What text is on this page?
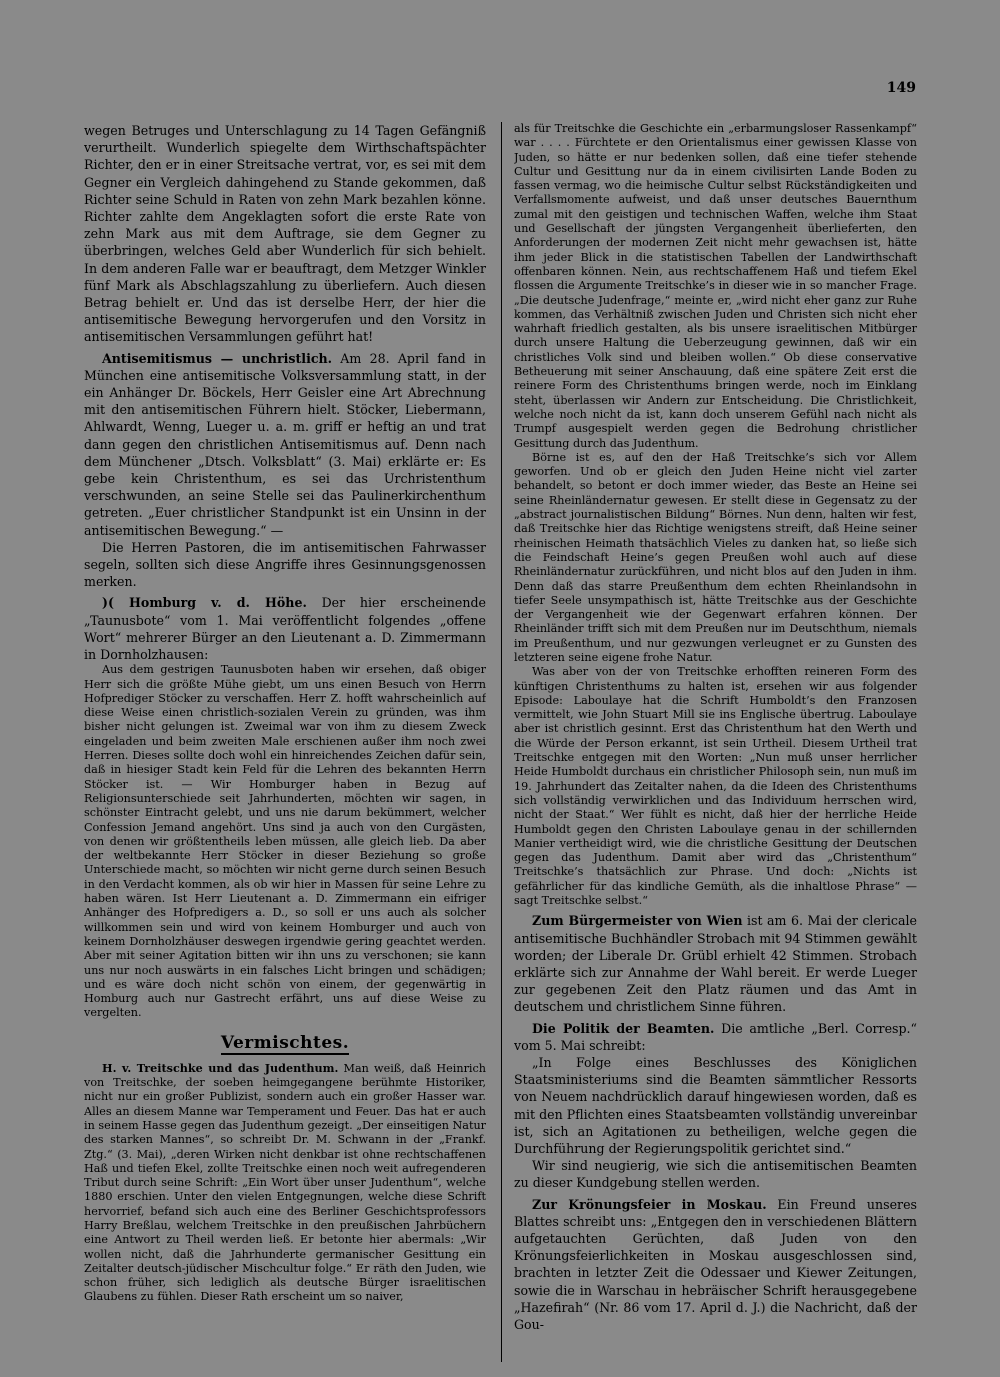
149

wegen Betruges und Unterschlagung zu 14 Tagen Gefängniß verurtheilt. Wunderlich spiegelte dem Wirthschaftspächter Richter, den er in einer Streitsache vertrat, vor, es sei mit dem Gegner ein Vergleich dahingehend zu Stande gekommen, daß Richter seine Schuld in Raten von zehn Mark bezahlen könne. Richter zahlte dem Angeklagten sofort die erste Rate von zehn Mark aus mit dem Auftrage, sie dem Gegner zu überbringen, welches Geld aber Wunderlich für sich behielt. In dem anderen Falle war er beauftragt, dem Metzger Winkler fünf Mark als Abschlagszahlung zu überliefern. Auch diesen Betrag behielt er. Und das ist derselbe Herr, der hier die antisemitische Bewegung hervorgerufen und den Vorsitz in antisemitischen Versammlungen geführt hat!

Antisemitismus — unchristlich. Am 28. April fand in München eine antisemitische Volksversammlung statt, in der ein Anhänger Dr. Böckels, Herr Geisler eine Art Abrechnung mit den antisemitischen Führern hielt. Stöcker, Liebermann, Ahlwardt, Wenng, Lueger u. a. m. griff er heftig an und trat dann gegen den christlichen Antisemitismus auf. Denn nach dem Münchener „Dtsch. Volksblatt“ (3. Mai) erklärte er: Es gebe kein Christenthum, es sei das Urchristenthum verschwunden, an seine Stelle sei das Paulinerkirchenthum getreten. „Euer christlicher Standpunkt ist ein Unsinn in der antisemitischen Bewegung.“ —

Die Herren Pastoren, die im antisemitischen Fahrwasser segeln, sollten sich diese Angriffe ihres Gesinnungsgenossen merken.

)( Homburg v. d. Höhe. Der hier erscheinende „Taunusbote“ vom 1. Mai veröffentlicht folgendes „offene Wort“ mehrerer Bürger an den Lieutenant a. D. Zimmermann in Dornholzhausen:

Aus dem gestrigen Taunusboten haben wir ersehen, daß obiger Herr sich die größte Mühe giebt, um uns einen Besuch von Herrn Hofprediger Stöcker zu verschaffen. Herr Z. hofft wahrscheinlich auf diese Weise einen christlich-sozialen Verein zu gründen, was ihm bisher nicht gelungen ist. Zweimal war von ihm zu diesem Zweck eingeladen und beim zweiten Male erschienen außer ihm noch zwei Herren. Dieses sollte doch wohl ein hinreichendes Zeichen dafür sein, daß in hiesiger Stadt kein Feld für die Lehren des bekannten Herrn Stöcker ist. — Wir Homburger haben in Bezug auf Religionsunterschiede seit Jahrhunderten, möchten wir sagen, in schönster Eintracht gelebt, und uns nie darum bekümmert, welcher Confession Jemand angehört. Uns sind ja auch von den Curgästen, von denen wir größtentheils leben müssen, alle gleich lieb. Da aber der weltbekannte Herr Stöcker in dieser Beziehung so große Unterschiede macht, so möchten wir nicht gerne durch seinen Besuch in den Verdacht kommen, als ob wir hier in Massen für seine Lehre zu haben wären. Ist Herr Lieutenant a. D. Zimmermann ein eifriger Anhänger des Hofpredigers a. D., so soll er uns auch als solcher willkommen sein und wird von keinem Homburger und auch von keinem Dornholzhäuser deswegen irgendwie gering geachtet werden. Aber mit seiner Agitation bitten wir ihn uns zu verschonen; sie kann uns nur noch auswärts in ein falsches Licht bringen und schädigen; und es wäre doch nicht schön von einem, der gegenwärtig in Homburg auch nur Gastrecht erfährt, uns auf diese Weise zu vergelten.

Vermischtes.

H. v. Treitschke und das Judenthum. Man weiß, daß Heinrich von Treitschke, der soeben heimgegangene berühmte Historiker, nicht nur ein großer Publizist, sondern auch ein großer Hasser war. Alles an diesem Manne war Temperament und Feuer. Das hat er auch in seinem Hasse gegen das Judenthum gezeigt. „Der einseitigen Natur des starken Mannes“, so schreibt Dr. M. Schwann in der „Frankf. Ztg.“ (3. Mai), „deren Wirken nicht denkbar ist ohne rechtschaffenen Haß und tiefen Ekel, zollte Treitschke einen noch weit aufregenderen Tribut durch seine Schrift: „Ein Wort über unser Judenthum“, welche 1880 erschien. Unter den vielen Entgegnungen, welche diese Schrift hervorrief, befand sich auch eine des Berliner Geschichtsprofessors Harry Breßlau, welchem Treitschke in den preußischen Jahrbüchern eine Antwort zu Theil werden ließ. Er betonte hier abermals: „Wir wollen nicht, daß die Jahrhunderte germanischer Gesittung ein Zeitalter deutsch-jüdischer Mischcultur folge.“ Er räth den Juden, wie schon früher, sich lediglich als deutsche Bürger israelitischen Glaubens zu fühlen. Dieser Rath erscheint um so naiver,

als für Treitschke die Geschichte ein „erbarmungsloser Rassenkampf“ war . . . . Fürchtete er den Orientalismus einer gewissen Klasse von Juden, so hätte er nur bedenken sollen, daß eine tiefer stehende Cultur und Gesittung nur da in einem civilisirten Lande Boden zu fassen vermag, wo die heimische Cultur selbst Rückständigkeiten und Verfallsmomente aufweist, und daß unser deutsches Bauernthum zumal mit den geistigen und technischen Waffen, welche ihm Staat und Gesellschaft der jüngsten Vergangenheit überlieferten, den Anforderungen der modernen Zeit nicht mehr gewachsen ist, hätte ihm jeder Blick in die statistischen Tabellen der Landwirthschaft offenbaren können. Nein, aus rechtschaffenem Haß und tiefem Ekel flossen die Argumente Treitschke’s in dieser wie in so mancher Frage. „Die deutsche Judenfrage,“ meinte er, „wird nicht eher ganz zur Ruhe kommen, das Verhältniß zwischen Juden und Christen sich nicht eher wahrhaft friedlich gestalten, als bis unsere israelitischen Mitbürger durch unsere Haltung die Ueberzeugung gewinnen, daß wir ein christliches Volk sind und bleiben wollen.“ Ob diese conservative Betheuerung mit seiner Anschauung, daß eine spätere Zeit erst die reinere Form des Christenthums bringen werde, noch im Einklang steht, überlassen wir Andern zur Entscheidung. Die Christlichkeit, welche noch nicht da ist, kann doch unserem Gefühl nach nicht als Trumpf ausgespielt werden gegen die Bedrohung christlicher Gesittung durch das Judenthum.

Börne ist es, auf den der Haß Treitschke’s sich vor Allem geworfen. Und ob er gleich den Juden Heine nicht viel zarter behandelt, so betont er doch immer wieder, das Beste an Heine sei seine Rheinländernatur gewesen. Er stellt diese in Gegensatz zu der „abstract journalistischen Bildung“ Börnes. Nun denn, halten wir fest, daß Treitschke hier das Richtige wenigstens streift, daß Heine seiner rheinischen Heimath thatsächlich Vieles zu danken hat, so ließe sich die Feindschaft Heine’s gegen Preußen wohl auch auf diese Rheinländernatur zurückführen, und nicht blos auf den Juden in ihm. Denn daß das starre Preußenthum dem echten Rheinlandsohn in tiefer Seele unsympathisch ist, hätte Treitschke aus der Geschichte der Vergangenheit wie der Gegenwart erfahren können. Der Rheinländer trifft sich mit dem Preußen nur im Deutschthum, niemals im Preußenthum, und nur gezwungen verleugnet er zu Gunsten des letzteren seine eigene frohe Natur.

Was aber von der von Treitschke erhofften reineren Form des künftigen Christenthums zu halten ist, ersehen wir aus folgender Episode: Laboulaye hat die Schrift Humboldt’s den Franzosen vermittelt, wie John Stuart Mill sie ins Englische übertrug. Laboulaye aber ist christlich gesinnt. Erst das Christenthum hat den Werth und die Würde der Person erkannt, ist sein Urtheil. Diesem Urtheil trat Treitschke entgegen mit den Worten: „Nun muß unser herrlicher Heide Humboldt durchaus ein christlicher Philosoph sein, nun muß im 19. Jahrhundert das Zeitalter nahen, da die Ideen des Christenthums sich vollständig verwirklichen und das Individuum herrschen wird, nicht der Staat.“ Wer fühlt es nicht, daß hier der herrliche Heide Humboldt gegen den Christen Laboulaye genau in der schillernden Manier vertheidigt wird, wie die christliche Gesittung der Deutschen gegen das Judenthum. Damit aber wird das „Christenthum“ Treitschke’s thatsächlich zur Phrase. Und doch: „Nichts ist gefährlicher für das kindliche Gemüth, als die inhaltlose Phrase“ — sagt Treitschke selbst.“

Zum Bürgermeister von Wien ist am 6. Mai der clericale antisemitische Buchhändler Strobach mit 94 Stimmen gewählt worden; der Liberale Dr. Grübl erhielt 42 Stimmen. Strobach erklärte sich zur Annahme der Wahl bereit. Er werde Lueger zur gegebenen Zeit den Platz räumen und das Amt in deutschem und christlichem Sinne führen.

Die Politik der Beamten. Die amtliche „Berl. Corresp.“ vom 5. Mai schreibt:

„In Folge eines Beschlusses des Königlichen Staatsministeriums sind die Beamten sämmtlicher Ressorts von Neuem nachdrücklich darauf hingewiesen worden, daß es mit den Pflichten eines Staatsbeamten vollständig unvereinbar ist, sich an Agitationen zu betheiligen, welche gegen die Durchführung der Regierungspolitik gerichtet sind.“

Wir sind neugierig, wie sich die antisemitischen Beamten zu dieser Kundgebung stellen werden.

Zur Krönungsfeier in Moskau. Ein Freund unseres Blattes schreibt uns: „Entgegen den in verschiedenen Blättern aufgetauchten Gerüchten, daß Juden von den Krönungsfeierlichkeiten in Moskau ausgeschlossen sind, brachten in letzter Zeit die Odessaer und Kiewer Zeitungen, sowie die in Warschau in hebräischer Schrift herausgegebene „Hazefirah“ (Nr. 86 vom 17. April d. J.) die Nachricht, daß der Gou-
